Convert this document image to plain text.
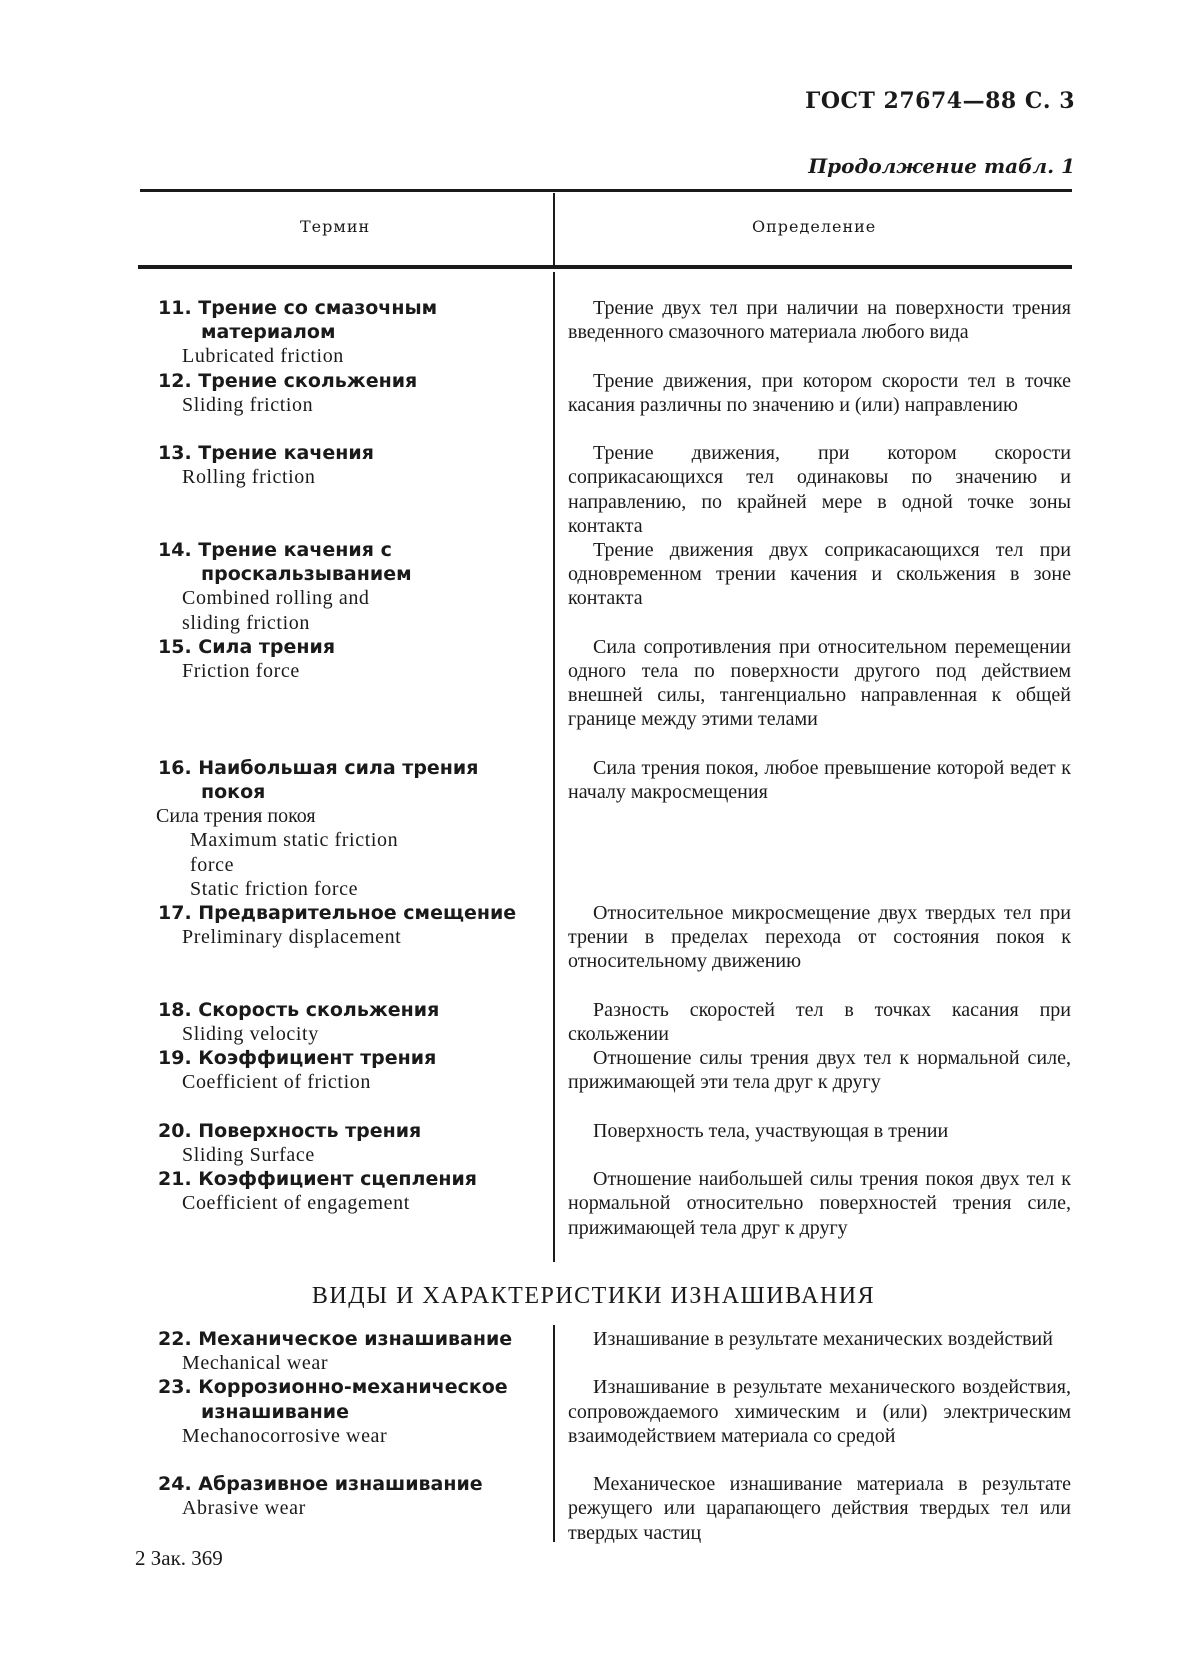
ГОСТ 27674—88 С. 3
Продолжение табл. 1
Термин	Определение
11. Трение со смазочным
материалом
Lubricated friction
Трение двух тел при наличии на поверхности трения введенного смазочного материала любого вида
12. Трение скольжения
Sliding friction
Трение движения, при котором скорости тел в точке касания различны по значению и (или) направлению
13. Трение качения
Rolling friction
Трение движения, при котором скорости соприкасающихся тел одинаковы по значению и направлению, по крайней мере в одной точке зоны контакта
14. Трение качения с
проскальзыванием
Combined rolling and
sliding friction
Трение движения двух соприкасающихся тел при одновременном трении качения и скольжения в зоне контакта
15. Сила трения
Friction force
Сила сопротивления при относительном перемещении одного тела по поверхности другого под действием внешней силы, тангенциально направленная к общей границе между этими телами
16. Наибольшая сила трения
покоя
Сила трения покоя
Maximum static friction
force
Static friction force
Сила трения покоя, любое превышение которой ведет к началу макросмещения
17. Предварительное смещение
Preliminary displacement
Относительное микросмещение двух твердых тел при трении в пределах перехода от состояния покоя к относительному движению
18. Скорость скольжения
Sliding velocity
Разность скоростей тел в точках касания при скольжении
19. Коэффициент трения
Coefficient of friction
Отношение силы трения двух тел к нормальной силе, прижимающей эти тела друг к другу
20. Поверхность трения
Sliding Surface
Поверхность тела, участвующая в трении
21. Коэффициент сцепления
Coefficient of engagement
Отношение наибольшей силы трения покоя двух тел к нормальной относительно поверхностей трения силе, прижимающей тела друг к другу
ВИДЫ И ХАРАКТЕРИСТИКИ ИЗНАШИВАНИЯ
22. Механическое изнашивание
Mechanical wear
Изнашивание в результате механических воздействий
23. Коррозионно-механическое
изнашивание
Mechanocorrosive wear
Изнашивание в результате механического воздействия, сопровождаемого химическим и (или) электрическим взаимодействием материала со средой
24. Абразивное изнашивание
Abrasive wear
Механическое изнашивание материала в результате режущего или царапающего действия твердых тел или твердых частиц
2 Зак. 369
